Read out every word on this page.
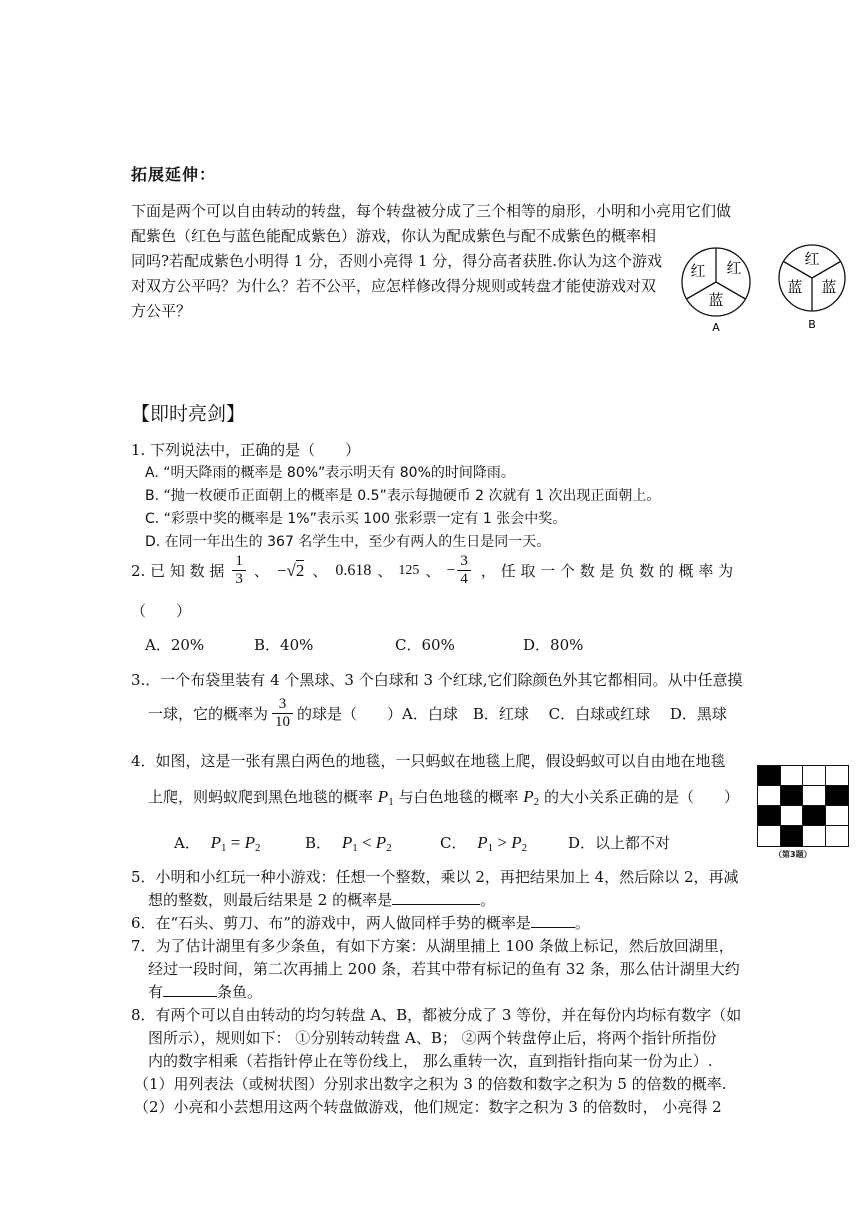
拓展延伸：
下面是两个可以自由转动的转盘，每个转盘被分成了三个相等的扇形，小明和小亮用它们做
配紫色（红色与蓝色能配成紫色）游戏，你认为配成紫色与配不成紫色的概率相
同吗?若配成紫色小明得 1 分，否则小亮得 1 分，得分高者获胜.你认为这个游戏
对双方公平吗？为什么？若不公平，应怎样修改得分规则或转盘才能使游戏对双
方公平？
红 红
蓝
A
红
蓝 蓝
B
【即时亮剑】
1. 下列说法中，正确的是（　　）
A. “明天降雨的概率是 80%”表示明天有 80%的时间降雨。
B. “抛一枚硬币正面朝上的概率是 0.5”表示每抛硬币 2 次就有 1 次出现正面朝上。
C. “彩票中奖的概率是 1%”表示买 100 张彩票一定有 1 张会中奖。
D. 在同一年出生的 367 名学生中，至少有两人的生日是同一天。
2. 已 知 数 据 $\frac{1}{3}$ 、 −√2 、 0.618 、 125 、 − $\frac{3}{4}$ ， 任 取 一 个 数 是 负 数 的 概 率 为
（　　）
A．20%	B．40%	C．60%	D．80%
3.．一个布袋里装有 4 个黑球、3 个白球和 3 个红球,它们除颜色外其它都相同。从中任意摸
一球，它的概率为 $\frac{3}{10}$ 的球是（　　）A．白球　B．红球　 C．白球或红球　 D．黑球
4．如图，这是一张有黑白两色的地毯，一只蚂蚁在地毯上爬，假设蚂蚁可以自由地在地毯
上爬，则蚂蚁爬到黑色地毯的概率 $P_1$ 与白色地毯的概率 $P_2$ 的大小关系正确的是（　　）
A． $P_1 = P_2$	B． $P_1 < P_2$	C． $P_1 > P_2$	D．以上都不对
（第3题）
5．小明和小红玩一种小游戏：任想一个整数，乘以 2，再把结果加上 4，然后除以 2，再减
想的整数，则最后结果是 2 的概率是	。
6．在“石头、剪刀、布”的游戏中，两人做同样手势的概率是	。
7．为了估计湖里有多少条鱼，有如下方案：从湖里捕上 100 条做上标记，然后放回湖里，
经过一段时间，第二次再捕上 200 条，若其中带有标记的鱼有 32 条，那么估计湖里大约
有	条鱼。
8．有两个可以自由转动的均匀转盘 A、B，都被分成了 3 等份，并在每份内均标有数字（如
图所示），规则如下： ①分别转动转盘 A、B； ②两个转盘停止后，将两个指针所指份
内的数字相乘（若指针停止在等份线上， 那么重转一次，直到指针指向某一份为止）.
（1）用列表法（或树状图）分别求出数字之积为 3 的倍数和数字之积为 5 的倍数的概率.
（2）小亮和小芸想用这两个转盘做游戏，他们规定：数字之积为 3 的倍数时， 小亮得 2
